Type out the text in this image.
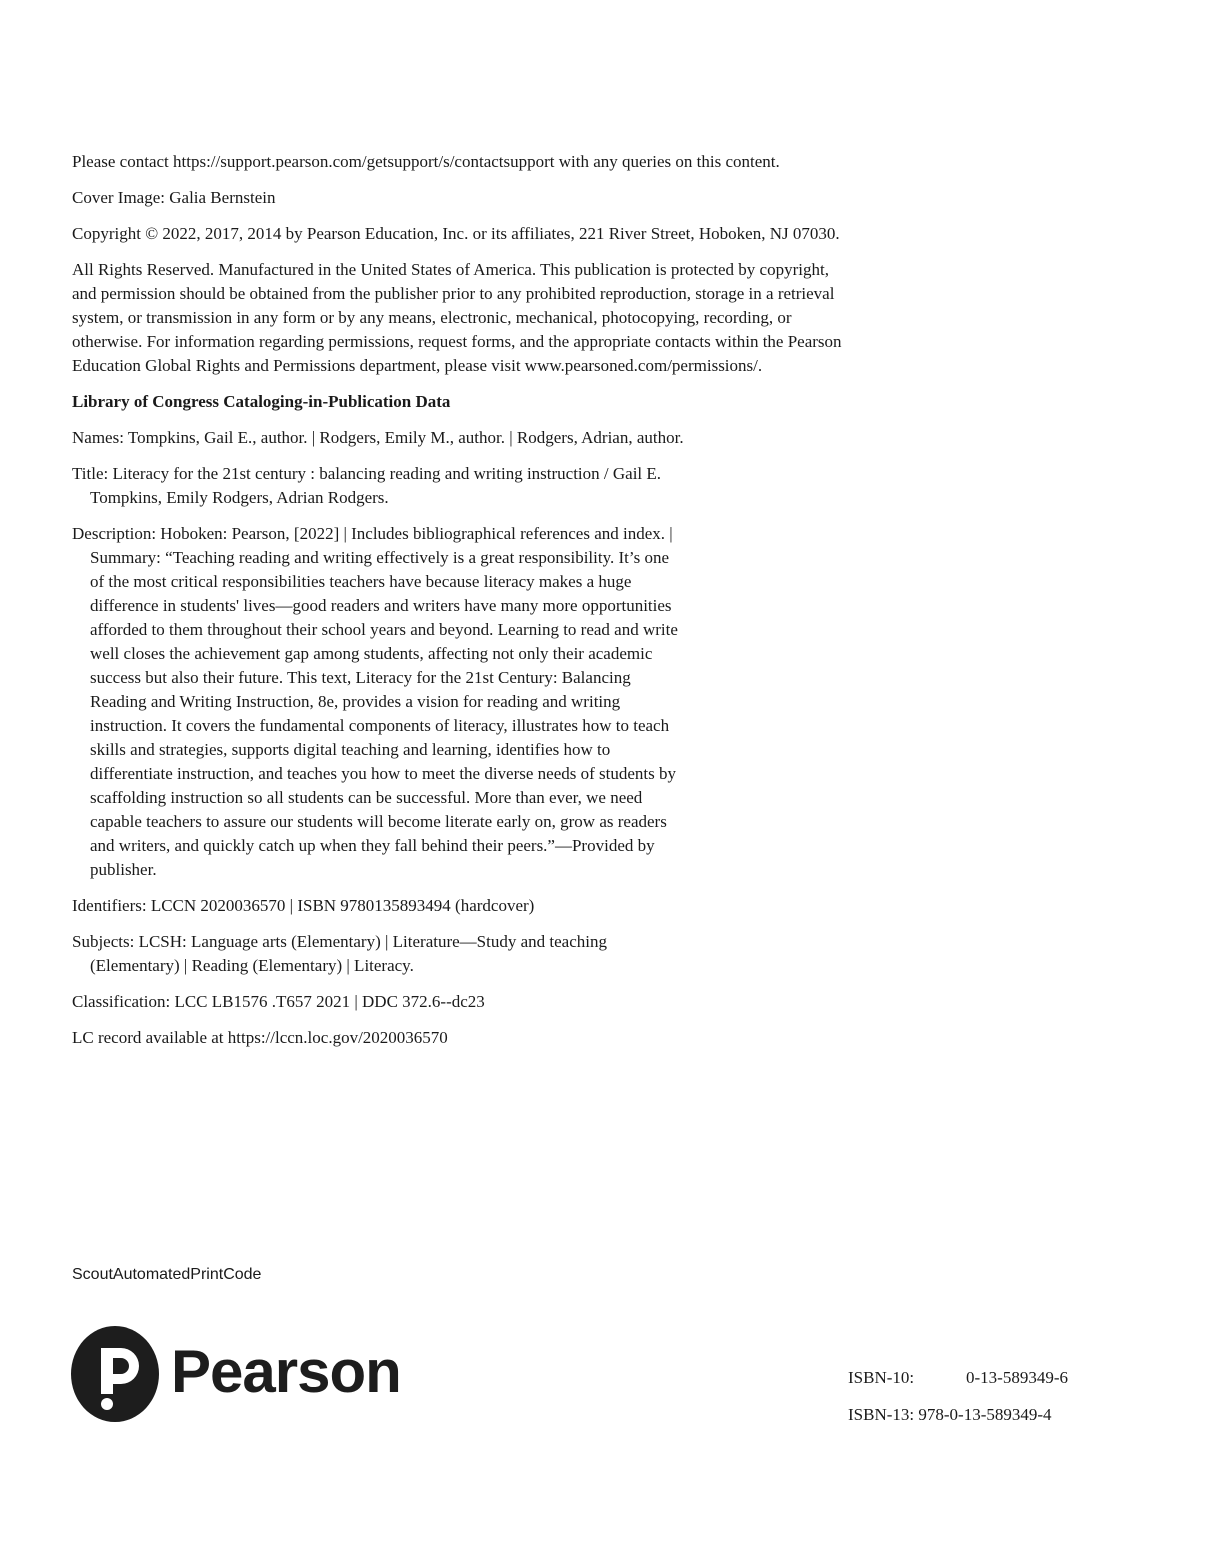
Please contact https://support.pearson.com/getsupport/s/contactsupport with any queries on this content.

Cover Image: Galia Bernstein

Copyright © 2022, 2017, 2014 by Pearson Education, Inc. or its affiliates, 221 River Street, Hoboken, NJ 07030.

All Rights Reserved. Manufactured in the United States of America. This publication is protected by copyright, and permission should be obtained from the publisher prior to any prohibited reproduction, storage in a retrieval system, or transmission in any form or by any means, electronic, mechanical, photocopying, recording, or otherwise. For information regarding permissions, request forms, and the appropriate contacts within the Pearson Education Global Rights and Permissions department, please visit www.pearsoned.com/permissions/.

Library of Congress Cataloging-in-Publication Data

Names: Tompkins, Gail E., author. | Rodgers, Emily M., author. | Rodgers, Adrian, author.

Title: Literacy for the 21st century : balancing reading and writing instruction / Gail E. Tompkins, Emily Rodgers, Adrian Rodgers.

Description: Hoboken: Pearson, [2022] | Includes bibliographical references and index. | Summary: “Teaching reading and writing effectively is a great responsibility. It’s one of the most critical responsibilities teachers have because literacy makes a huge difference in students' lives—good readers and writers have many more opportunities afforded to them throughout their school years and beyond. Learning to read and write well closes the achievement gap among students, affecting not only their academic success but also their future. This text, Literacy for the 21st Century: Balancing Reading and Writing Instruction, 8e, provides a vision for reading and writing instruction. It covers the fundamental components of literacy, illustrates how to teach skills and strategies, supports digital teaching and learning, identifies how to differentiate instruction, and teaches you how to meet the diverse needs of students by scaffolding instruction so all students can be successful. More than ever, we need capable teachers to assure our students will become literate early on, grow as readers and writers, and quickly catch up when they fall behind their peers.”—Provided by publisher.

Identifiers: LCCN 2020036570 | ISBN 9780135893494 (hardcover)

Subjects: LCSH: Language arts (Elementary) | Literature—Study and teaching (Elementary) | Reading (Elementary) | Literacy.

Classification: LCC LB1576 .T657 2021 | DDC 372.6--dc23

LC record available at https://lccn.loc.gov/2020036570

ScoutAutomatedPrintCode
Pearson	ISBN-10:	0-13-589349-6
ISBN-13: 978-0-13-589349-4
